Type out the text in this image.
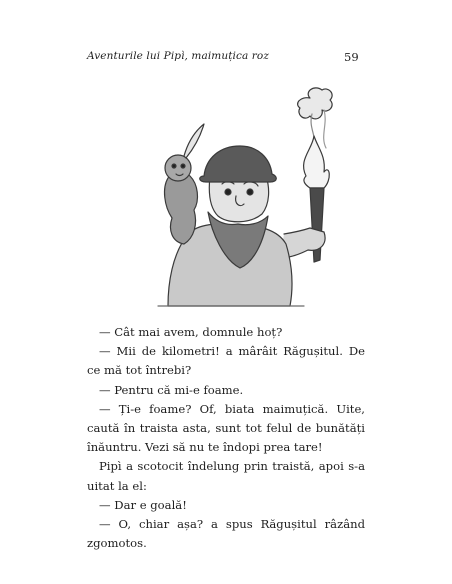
Aventurile lui Pipì, maimuțica roz	59

— Cât mai avem, domnule hoț?

— Mii de kilometri! a mârâit Răgușitul. De ce mă tot întrebi?

— Pentru că mi-e foame.

— Ți-e foame? Of, biata maimuțică. Uite, caută în traista asta, sunt tot felul de bunătăți înăuntru. Vezi să nu te îndopi prea tare!

Pipì a scotocit îndelung prin traistă, apoi s-a uitat la el:

— Dar e goală!

— O, chiar așa? a spus Răgușitul râzând zgomotos.
